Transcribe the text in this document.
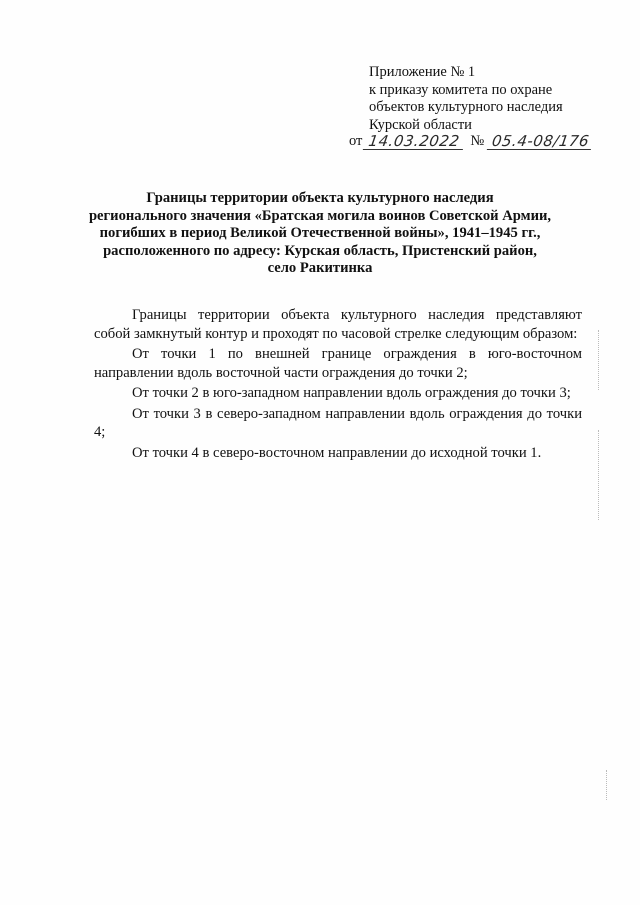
Приложение № 1
к приказу комитета по охране
объектов культурного наследия
Курской области
от 14.03.2022 № 05.4-08/176
Границы территории объекта культурного наследия
регионального значения «Братская могила воинов Советской Армии,
погибших в период Великой Отечественной войны», 1941–1945 гг.,
расположенного по адресу: Курская область, Пристенский район,
село Ракитинка

Границы территории объекта культурного наследия представляют собой замкнутый контур и проходят по часовой стрелке следующим образом:

От точки 1 по внешней границе ограждения в юго-восточном направлении вдоль восточной части ограждения до точки 2;

От точки 2 в юго-западном направлении вдоль ограждения до точки 3;

От точки 3 в северо-западном направлении вдоль ограждения до точки 4;

От точки 4 в северо-восточном направлении до исходной точки 1.
